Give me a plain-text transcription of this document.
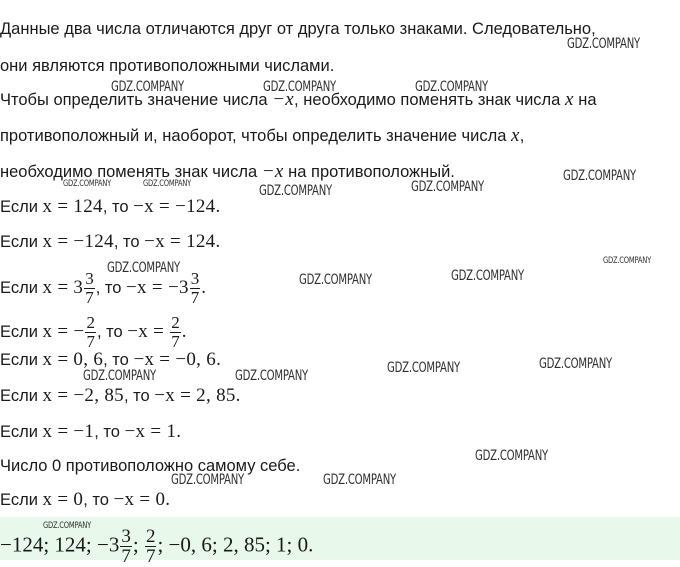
Данные два числа отличаются друг от друга только знаками. Следовательно,
они являются противоположными числами.
Чтобы определить значение числа −x, необходимо поменять знак числа x на
противоположный и, наоборот, чтобы определить значение числа x,
необходимо поменять знак числа −x на противоположный.
Если x = 124, то −x = −124.
Если x = −124, то −x = 124.
Если $x = 3 \frac{3}{7}$ , то $-x = -3 \frac{3}{7}$ .
Если x = − $\frac{2}{7}$ , то $-x = \frac{2}{7}$ .
Если x = 0, 6, то −x = −0, 6.
Если x = −2, 85, то −x = 2, 85.
Если x = −1, то −x = 1.
Число 0 противоположно самому себе.
Если x = 0, то −x = 0.
−124; 124; $-3 \frac{3}{7}$ ; $\frac{2}{7}$ ; −0, 6; 2, 85; 1; 0.
GDZ.COMPANY
GDZ.COMPANY	GDZ.COMPANY	GDZ.COMPANY
GDZ.COMPANY
GDZ.COMPANY	GDZ.COMPANY	GDZ.COMPANY	GDZ.COMPANY
GDZ.COMPANY
GDZ.COMPANY	GDZ.COMPANY
GDZ.COMPANY
GDZ.COMPANY
GDZ.COMPANY
GDZ.COMPANY	GDZ.COMPANY
GDZ.COMPANY
GDZ.COMPANY	GDZ.COMPANY
GDZ.COMPANY
